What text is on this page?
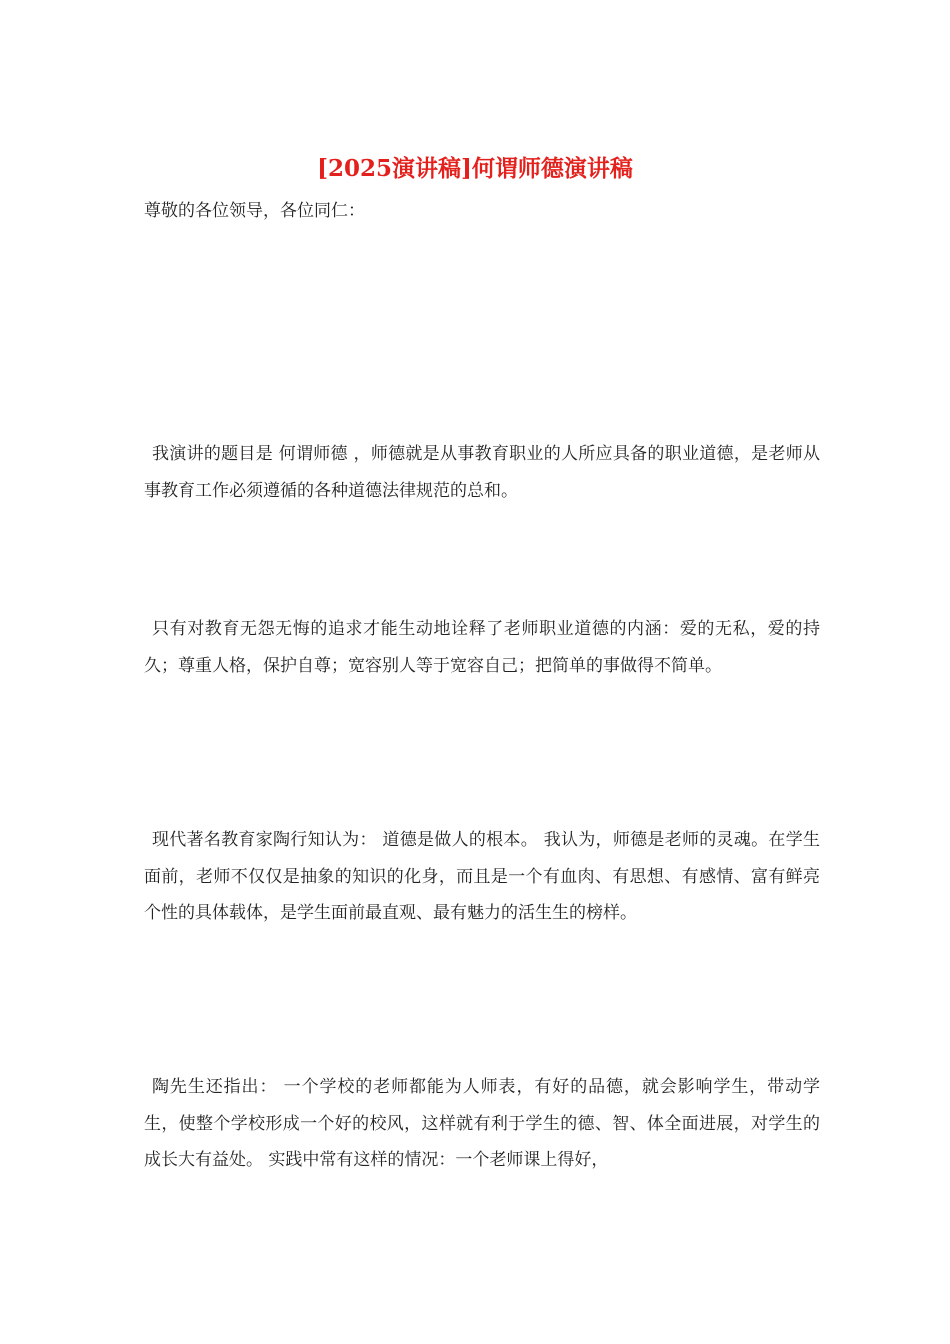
[2025演讲稿]何谓师德演讲稿

尊敬的各位领导，各位同仁：

我演讲的题目是 何谓师德 ，师德就是从事教育职业的人所应具备的职业道德，是老师从事教育工作必须遵循的各种道德法律规范的总和。

只有对教育无怨无悔的追求才能生动地诠释了老师职业道德的内涵：爱的无私，爱的持久；尊重人格，保护自尊；宽容别人等于宽容自己；把简单的事做得不简单。

现代著名教育家陶行知认为： 道德是做人的根本。 我认为，师德是老师的灵魂。在学生面前，老师不仅仅是抽象的知识的化身，而且是一个有血肉、有思想、有感情、富有鲜亮个性的具体载体，是学生面前最直观、最有魅力的活生生的榜样。

陶先生还指出： 一个学校的老师都能为人师表，有好的品德，就会影响学生，带动学生，使整个学校形成一个好的校风，这样就有利于学生的德、智、体全面进展，对学生的成长大有益处。 实践中常有这样的情况：一个老师课上得好，
